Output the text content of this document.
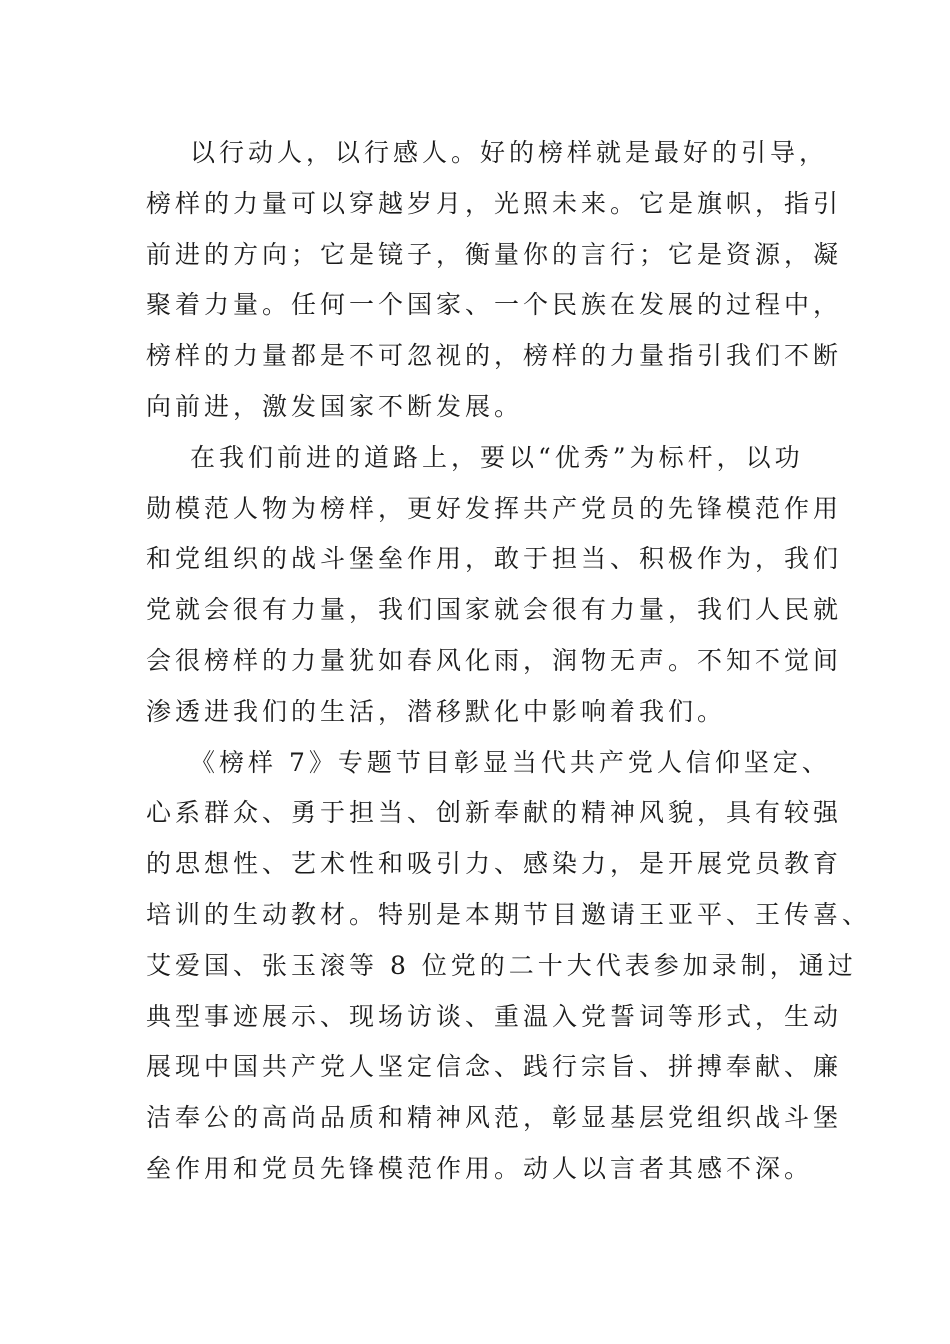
以行动人，以行感人。好的榜样就是最好的引导，
榜样的力量可以穿越岁月，光照未来。它是旗帜，指引
前进的方向；它是镜子，衡量你的言行；它是资源，凝
聚着力量。任何一个国家、一个民族在发展的过程中，
榜样的力量都是不可忽视的，榜样的力量指引我们不断
向前进，激发国家不断发展。
在我们前进的道路上，要以“优秀”为标杆，以功
勋模范人物为榜样，更好发挥共产党员的先锋模范作用
和党组织的战斗堡垒作用，敢于担当、积极作为，我们
党就会很有力量，我们国家就会很有力量，我们人民就
会很榜样的力量犹如春风化雨，润物无声。不知不觉间
渗透进我们的生活，潜移默化中影响着我们。
《榜样 7》专题节目彰显当代共产党人信仰坚定、
心系群众、勇于担当、创新奉献的精神风貌，具有较强
的思想性、艺术性和吸引力、感染力，是开展党员教育
培训的生动教材。特别是本期节目邀请王亚平、王传喜、
艾爱国、张玉滚等 8 位党的二十大代表参加录制，通过
典型事迹展示、现场访谈、重温入党誓词等形式，生动
展现中国共产党人坚定信念、践行宗旨、拼搏奉献、廉
洁奉公的高尚品质和精神风范，彰显基层党组织战斗堡
垒作用和党员先锋模范作用。动人以言者其感不深。
